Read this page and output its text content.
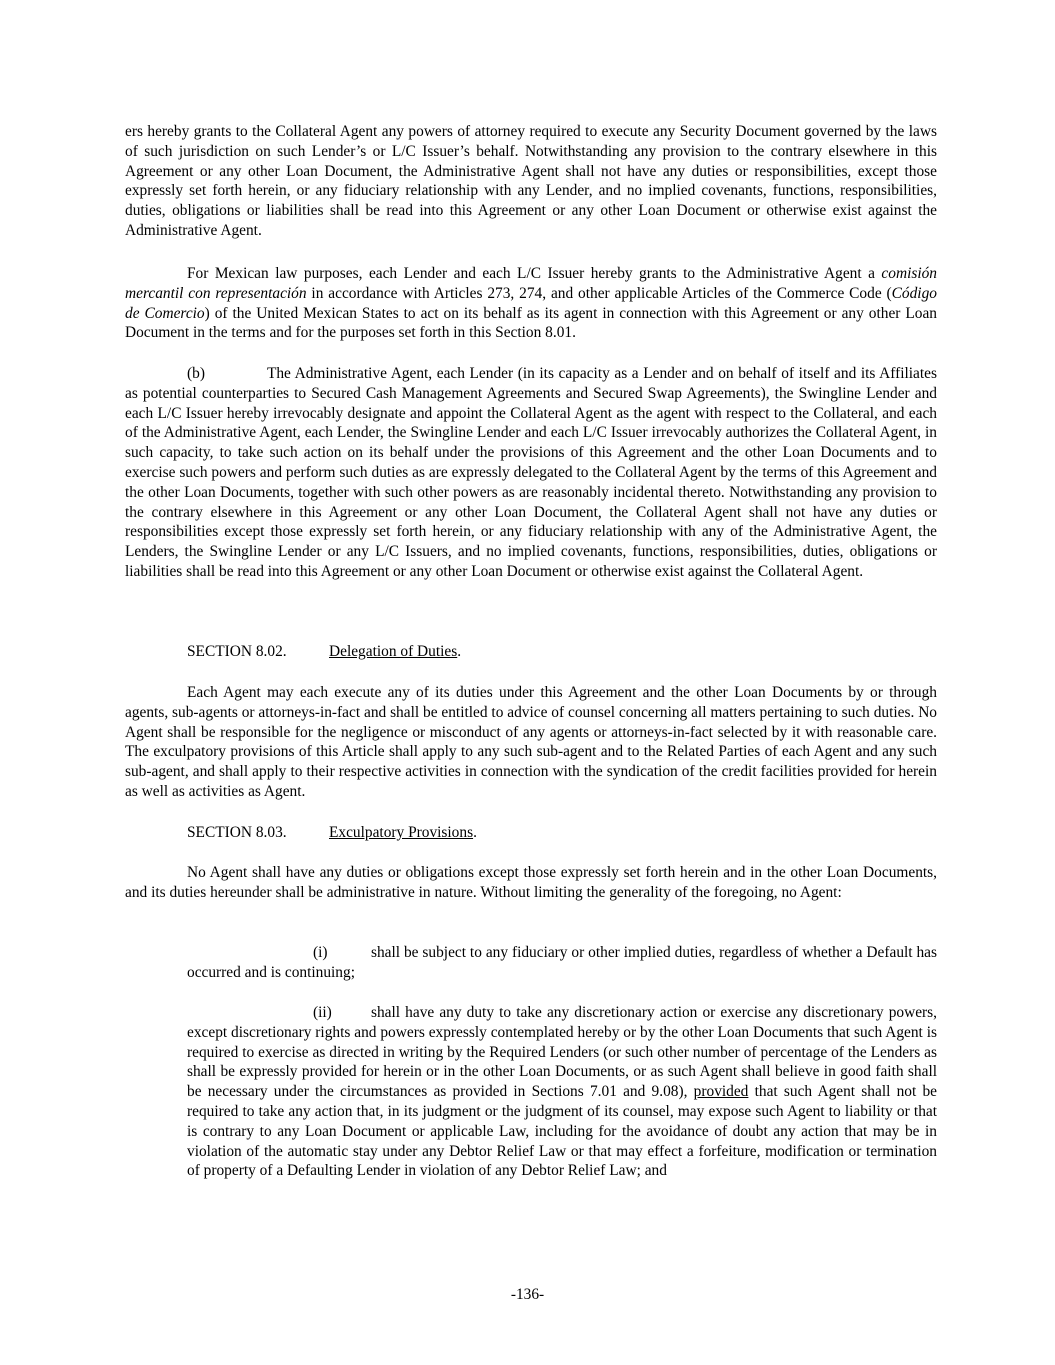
ers hereby grants to the Collateral Agent any powers of attorney required to execute any Security Document governed by the laws of such jurisdiction on such Lender’s or L/C Issuer’s behalf. Notwithstanding any provision to the contrary elsewhere in this Agreement or any other Loan Document, the Administrative Agent shall not have any duties or responsibilities, except those expressly set forth herein, or any fiduciary relationship with any Lender, and no implied covenants, functions, responsibilities, duties, obligations or liabilities shall be read into this Agreement or any other Loan Document or otherwise exist against the Administrative Agent.

For Mexican law purposes, each Lender and each L/C Issuer hereby grants to the Administrative Agent a comisión mercantil con representación in accordance with Articles 273, 274, and other applicable Articles of the Commerce Code (Código de Comercio) of the United Mexican States to act on its behalf as its agent in connection with this Agreement or any other Loan Document in the terms and for the purposes set forth in this Section 8.01.

(b)	The Administrative Agent, each Lender (in its capacity as a Lender and on behalf of itself and its Affiliates as potential counterparties to Secured Cash Management Agreements and Secured Swap Agreements), the Swingline Lender and each L/C Issuer hereby irrevocably designate and appoint the Collateral Agent as the agent with respect to the Collateral, and each of the Administrative Agent, each Lender, the Swingline Lender and each L/C Issuer irrevocably authorizes the Collateral Agent, in such capacity, to take such action on its behalf under the provisions of this Agreement and the other Loan Documents and to exercise such powers and perform such duties as are expressly delegated to the Collateral Agent by the terms of this Agreement and the other Loan Documents, together with such other powers as are reasonably incidental thereto. Notwithstanding any provision to the contrary elsewhere in this Agreement or any other Loan Document, the Collateral Agent shall not have any duties or responsibilities except those expressly set forth herein, or any fiduciary relationship with any of the Administrative Agent, the Lenders, the Swingline Lender or any L/C Issuers, and no implied covenants, functions, responsibilities, duties, obligations or liabilities shall be read into this Agreement or any other Loan Document or otherwise exist against the Collateral Agent.

SECTION 8.02.	Delegation of Duties.

Each Agent may each execute any of its duties under this Agreement and the other Loan Documents by or through agents, sub-agents or attorneys-in-fact and shall be entitled to advice of counsel concerning all matters pertaining to such duties. No Agent shall be responsible for the negligence or misconduct of any agents or attorneys-in-fact selected by it with reasonable care. The exculpatory provisions of this Article shall apply to any such sub-agent and to the Related Parties of each Agent and any such sub-agent, and shall apply to their respective activities in connection with the syndication of the credit facilities provided for herein as well as activities as Agent.

SECTION 8.03.	Exculpatory Provisions.

No Agent shall have any duties or obligations except those expressly set forth herein and in the other Loan Documents, and its duties hereunder shall be administrative in nature. Without limiting the generality of the foregoing, no Agent:

(i)	shall be subject to any fiduciary or other implied duties, regardless of whether a Default has occurred and is continuing;

(ii)	shall have any duty to take any discretionary action or exercise any discretionary powers, except discretionary rights and powers expressly contemplated hereby or by the other Loan Documents that such Agent is required to exercise as directed in writing by the Required Lenders (or such other number of percentage of the Lenders as shall be expressly provided for herein or in the other Loan Documents, or as such Agent shall believe in good faith shall be necessary under the circumstances as provided in Sections 7.01 and 9.08), provided that such Agent shall not be required to take any action that, in its judgment or the judgment of its counsel, may expose such Agent to liability or that is contrary to any Loan Document or applicable Law, including for the avoidance of doubt any action that may be in violation of the automatic stay under any Debtor Relief Law or that may effect a forfeiture, modification or termination of property of a Defaulting Lender in violation of any Debtor Relief Law; and

-136-
